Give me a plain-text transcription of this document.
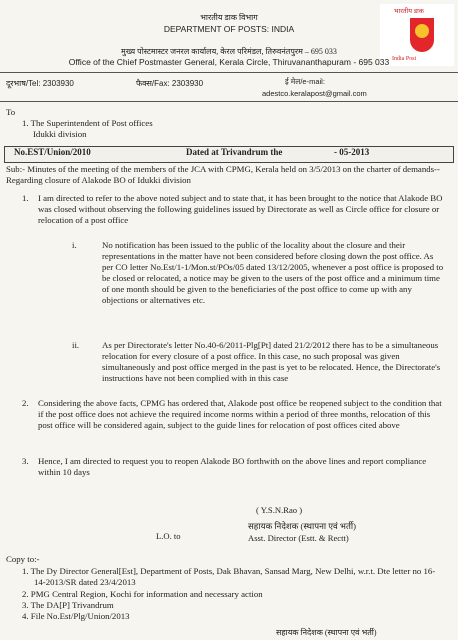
भारतीय डाक
India Post
भारतीय डाक विभाग
DEPARTMENT OF POSTS: INDIA
मुख्य पोस्टमास्टर जनरल कार्यालय, केरल परिमंडल, तिरुवनंतपुरम – 695 033
Office of the Chief Postmaster General, Kerala Circle, Thiruvananthapuram - 695 033
दूरभाष/Tel: 2303930	फैक्स/Fax: 2303930	ई मेल/e-mail:
adestco.keralapost@gmail.com
To
1. The Superintendent of Post offices
Idukki division
No.EST/Union/2010	Dated at Trivandrum the	- 05-2013
Sub:- Minutes of the meeting of the members of the JCA with CPMG, Kerala held on 3/5/2013 on the charter of demands-- Regarding closure of Alakode BO of Idukki division
1. I am directed to refer to the above noted subject and to state that, it has been brought to the notice that Alakode BO was closed without observing the following guidelines issued by Directorate as well as Circle office for closure or relocation of a post office
i.	No notification has been issued to the public of the locality about the closure and their representations in the matter have not been considered before closing down the post office. As per CO letter No.Est/1-1/Mon.st/POs/05 dated 13/12/2005, whenever a post office is proposed to be closed or relocated, a notice may be given to the users of the post office and a minimum time of one month should be given to the beneficiaries of the post office to come up with any objections or alternatives etc.
ii.	As per Directorate's letter No.40-6/2011-Plg[Pt] dated 21/2/2012 there has to be a simultaneous relocation for every closure of a post office. In this case, no such proposal was given simultaneously and post office merged in the past is yet to be relocated. Hence, the Directorate's instructions have not been complied with in this case
2. Considering the above facts, CPMG has ordered that, Alakode post office be reopened subject to the condition that if the post office does not achieve the required income norms within a period of three months, relocation of this post office will be considered again, subject to the guide lines for relocation of post offices cited above
3. Hence, I am directed to request you to reopen Alakode BO forthwith on the above lines and report compliance within 10 days
( Y.S.N.Rao )
L.O. to
सहायक निदेशक (स्थापना एवं भर्ती)
Asst. Director (Estt. & Rectt)
Copy to:-
1. The Dy Director General[Est], Department of Posts, Dak Bhavan, Sansad Marg, New Delhi, w.r.t. Dte letter no 16-14-2013/SR dated 23/4/2013
2. PMG Central Region, Kochi for information and necessary action
3. The DA[P] Trivandrum
4. File No.Est/Plg/Union/2013
सहायक निदेशक (स्थापना एवं भर्ती)
